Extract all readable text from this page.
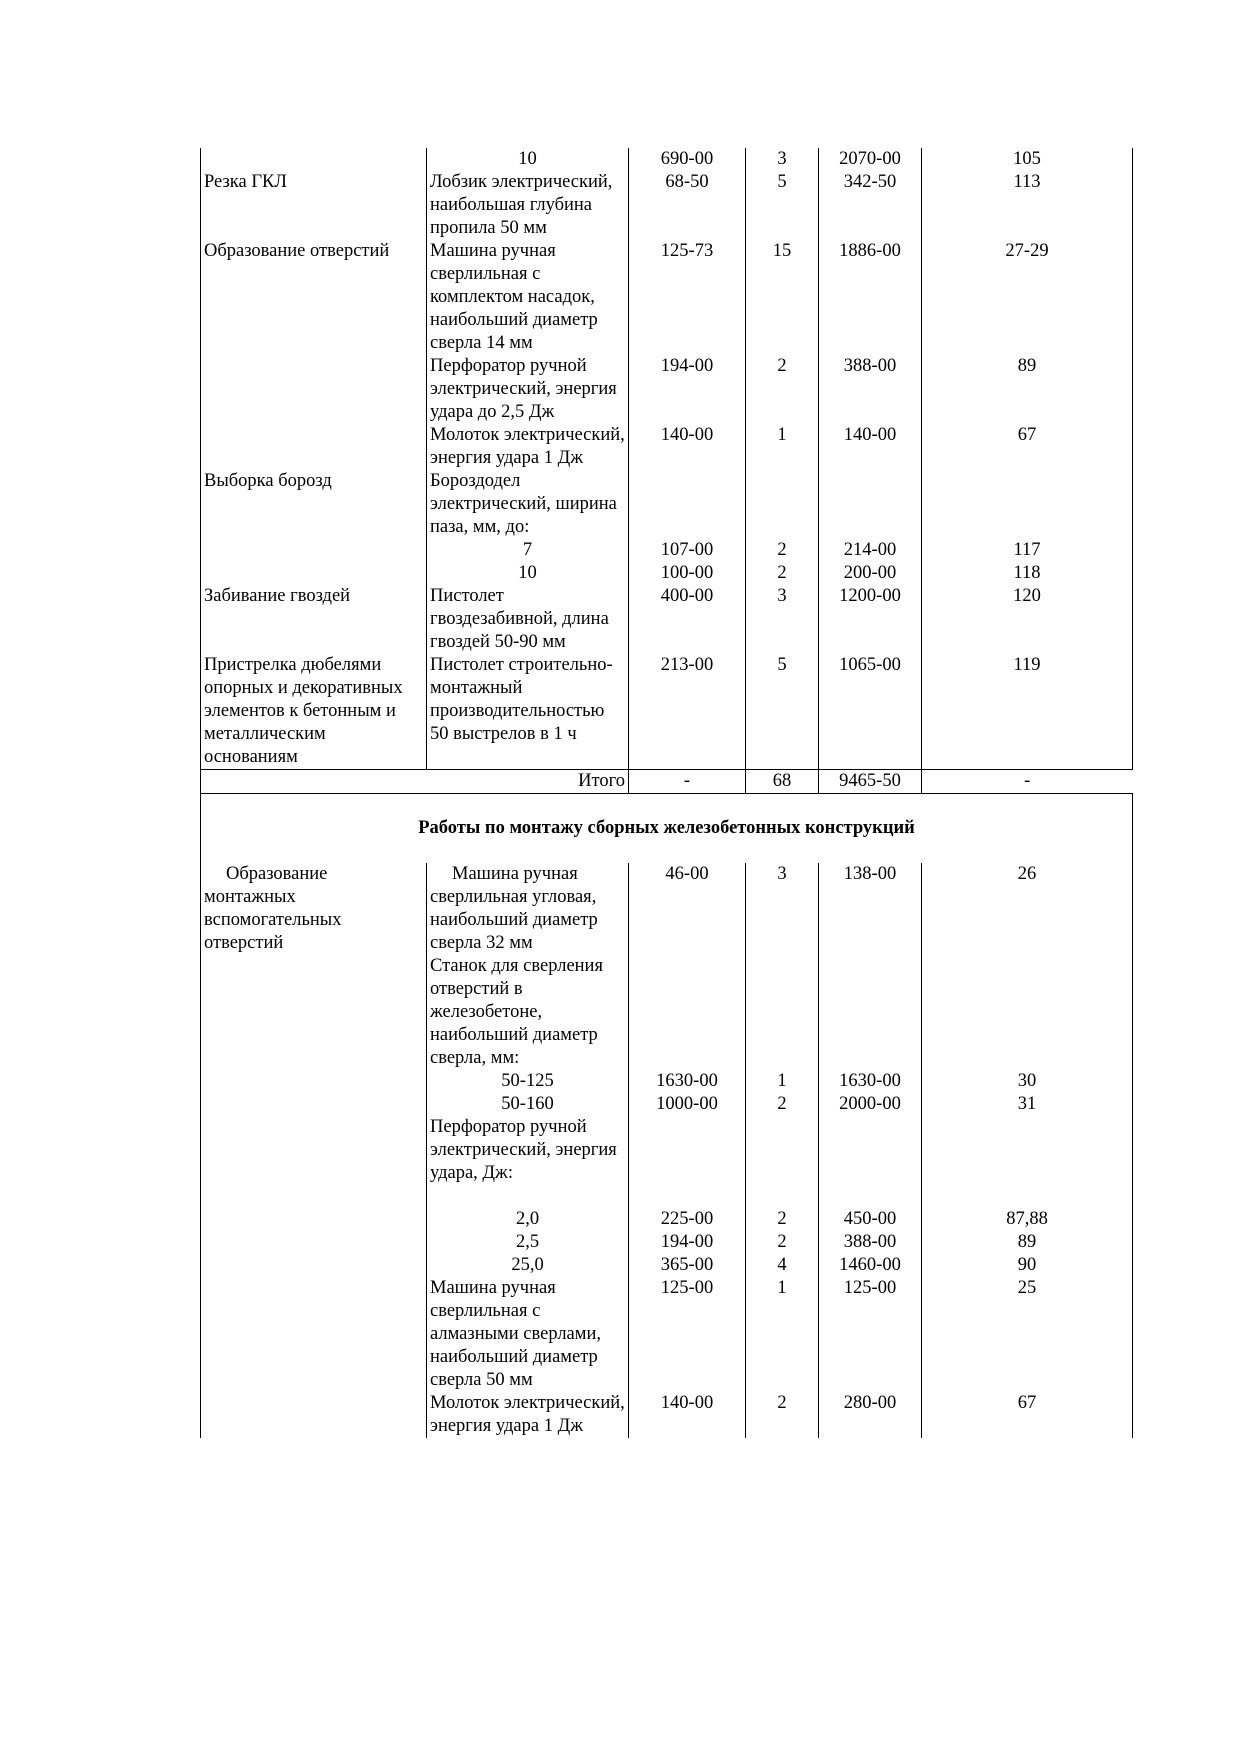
	10	690-00	3	2070-00	105
Резка ГКЛ	Лобзик электрический, наибольшая глубина пропила 50 мм	68-50	5	342-50	113
Образование отверстий	Машина ручная сверлильная с комплектом насадок, наибольший диаметр сверла 14 мм	125-73	15	1886-00	27-29
	Перфоратор ручной электрический, энергия удара до 2,5 Дж	194-00	2	388-00	89
	Молоток электрический, энергия удара 1 Дж	140-00	1	140-00	67
Выборка борозд	Бороздодел электрический, ширина паза, мм, до:				
	7	107-00	2	214-00	117
	10	100-00	2	200-00	118
Забивание гвоздей	Пистолет гвоздезабивной, длина гвоздей 50-90 мм	400-00	3	1200-00	120
Пристрелка дюбелями опорных и декоративных элементов к бетонным и металлическим основаниям	Пистолет строительно-монтажный производительностью 50 выстрелов в 1 ч	213-00	5	1065-00	119
Итого		-	68	9465-50	-
Работы по монтажу сборных железобетонных конструкций					
Образование монтажных вспомогательных отверстий	Машина ручная сверлильная угловая, наибольший диаметр сверла 32 мм	46-00	3	138-00	26
	Станок для сверления отверстий в железобетоне, наибольший диаметр сверла, мм:				
	50-125	1630-00	1	1630-00	30
	50-160	1000-00	2	2000-00	31
	Перфоратор ручной электрический, энергия удара, Дж:				

	2,0	225-00	2	450-00	87,88
	2,5	194-00	2	388-00	89
	25,0	365-00	4	1460-00	90
	Машина ручная сверлильная с алмазными сверлами, наибольший диаметр сверла 50 мм	125-00	1	125-00	25
	Молоток электрический, энергия удара 1 Дж	140-00	2	280-00	67
